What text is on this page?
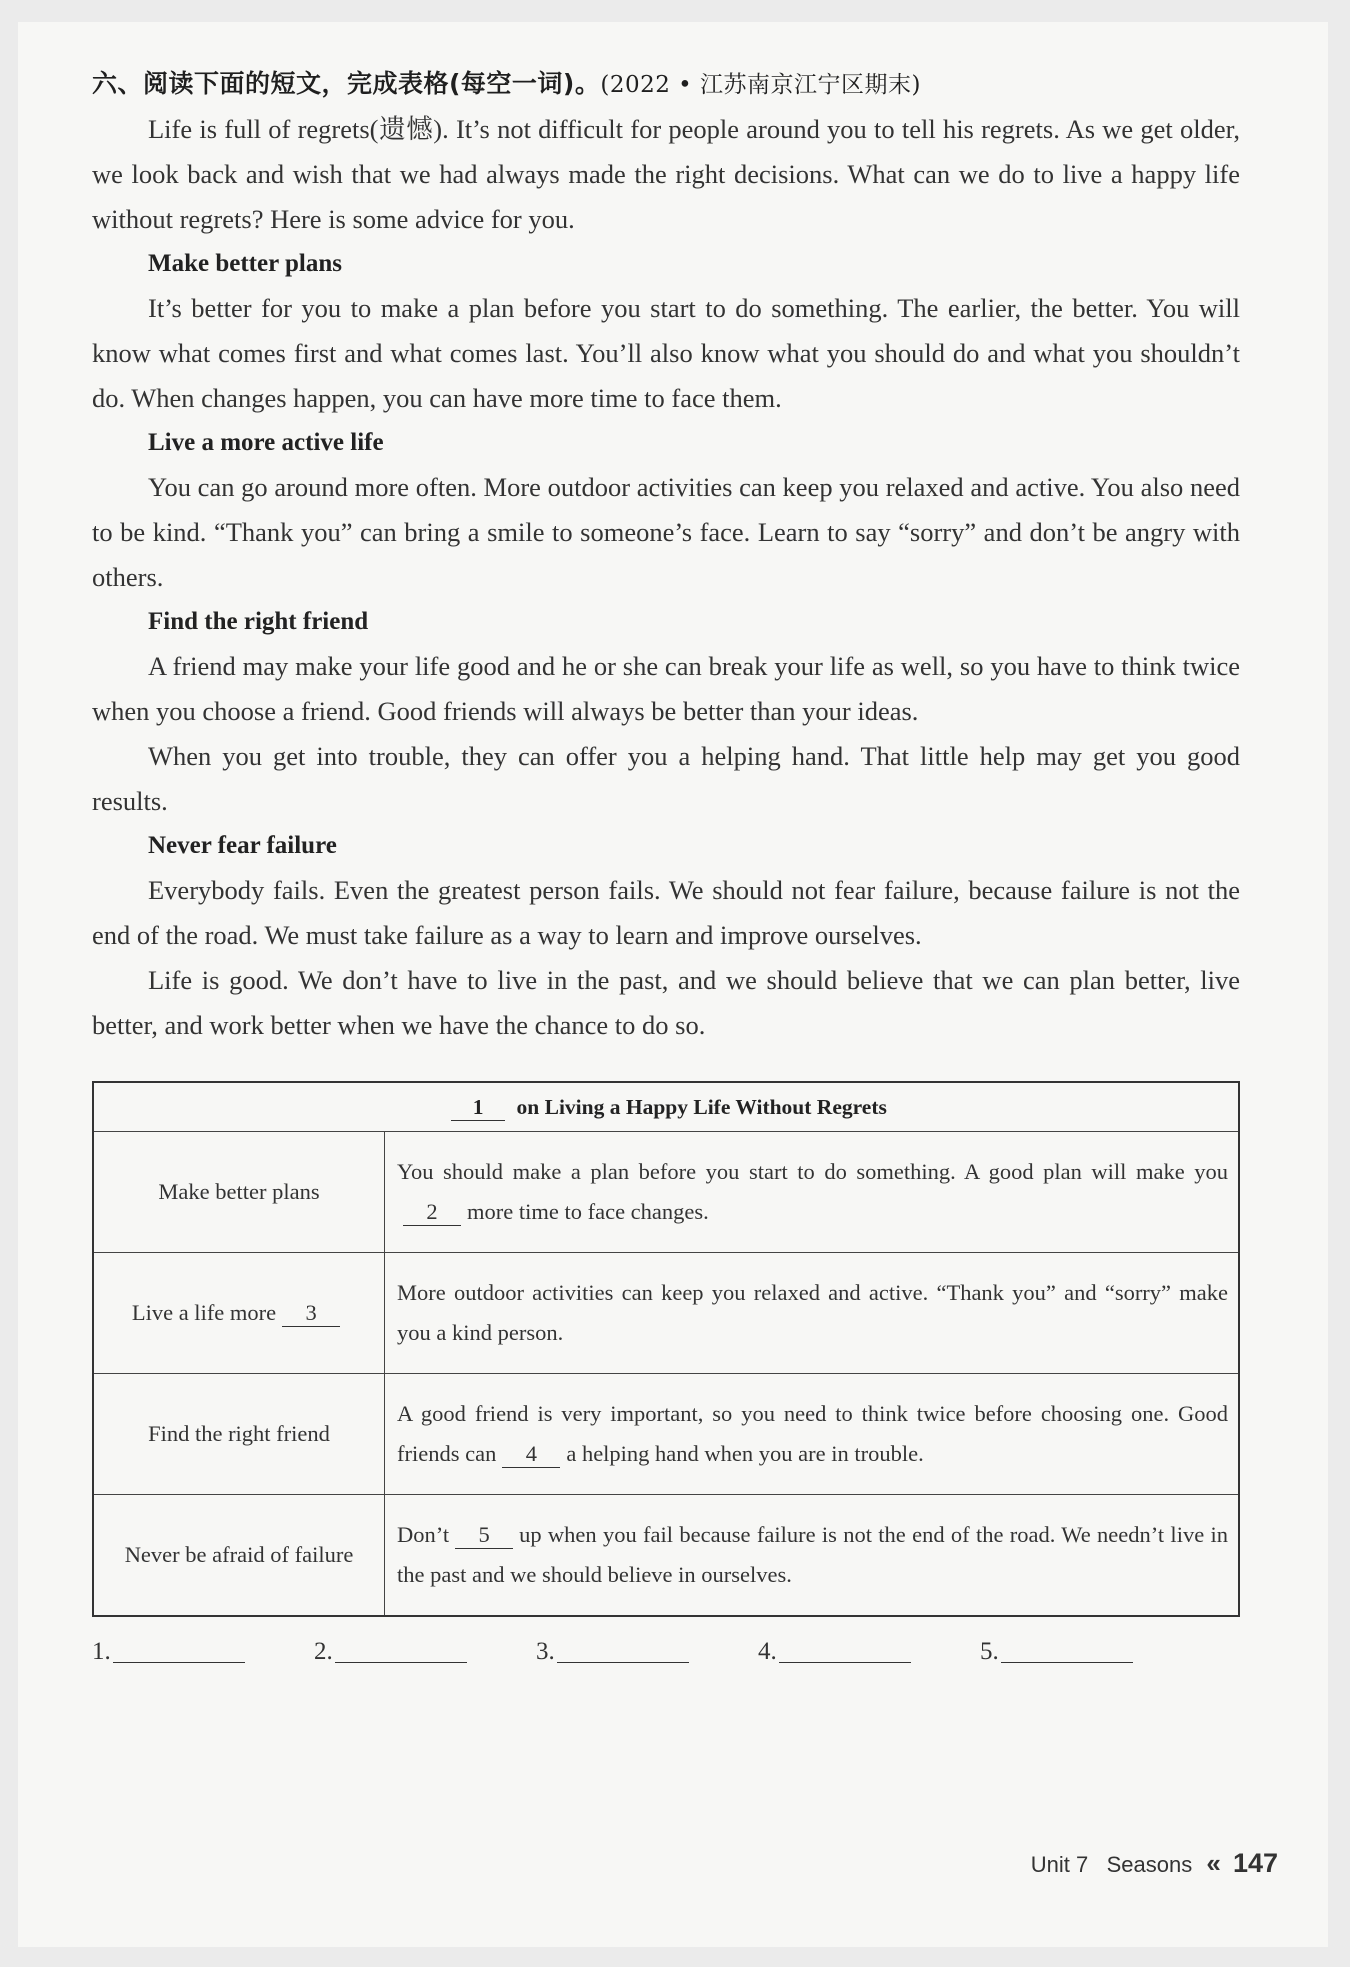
六、阅读下面的短文，完成表格(每空一词)。(2022 • 江苏南京江宁区期末)

Life is full of regrets(遗憾). It’s not difficult for people around you to tell his regrets. As we get older, we look back and wish that we had always made the right decisions. What can we do to live a happy life without regrets? Here is some advice for you.

Make better plans

It’s better for you to make a plan before you start to do something. The earlier, the better. You will know what comes first and what comes last. You’ll also know what you should do and what you shouldn’t do. When changes happen, you can have more time to face them.

Live a more active life

You can go around more often. More outdoor activities can keep you relaxed and active. You also need to be kind. “Thank you” can bring a smile to someone’s face. Learn to say “sorry” and don’t be angry with others.

Find the right friend

A friend may make your life good and he or she can break your life as well, so you have to think twice when you choose a friend. Good friends will always be better than your ideas.

When you get into trouble, they can offer you a helping hand. That little help may get you good results.

Never fear failure

Everybody fails. Even the greatest person fails. We should not fear failure, because failure is not the end of the road. We must take failure as a way to learn and improve ourselves.

Life is good. We don’t have to live in the past, and we should believe that we can plan better, live better, and work better when we have the chance to do so.

1 on Living a Happy Life Without Regrets	
Make better plans	You should make a plan before you start to do something. A good plan will make you2 more time to face changes.
Live a life more 3	More outdoor activities can keep you relaxed and active. “Thank you” and “sorry” make you a kind person.
Find the right friend	A good friend is very important, so you need to think twice before choosing one. Good friends can 4 a helping hand when you are in trouble.
Never be afraid of failure	Don’t 5 up when you fail because failure is not the end of the road. We needn’t live in the past and we should believe in ourselves.
1.	2.	3.	4.	5.
Unit 7 Seasons « 147
